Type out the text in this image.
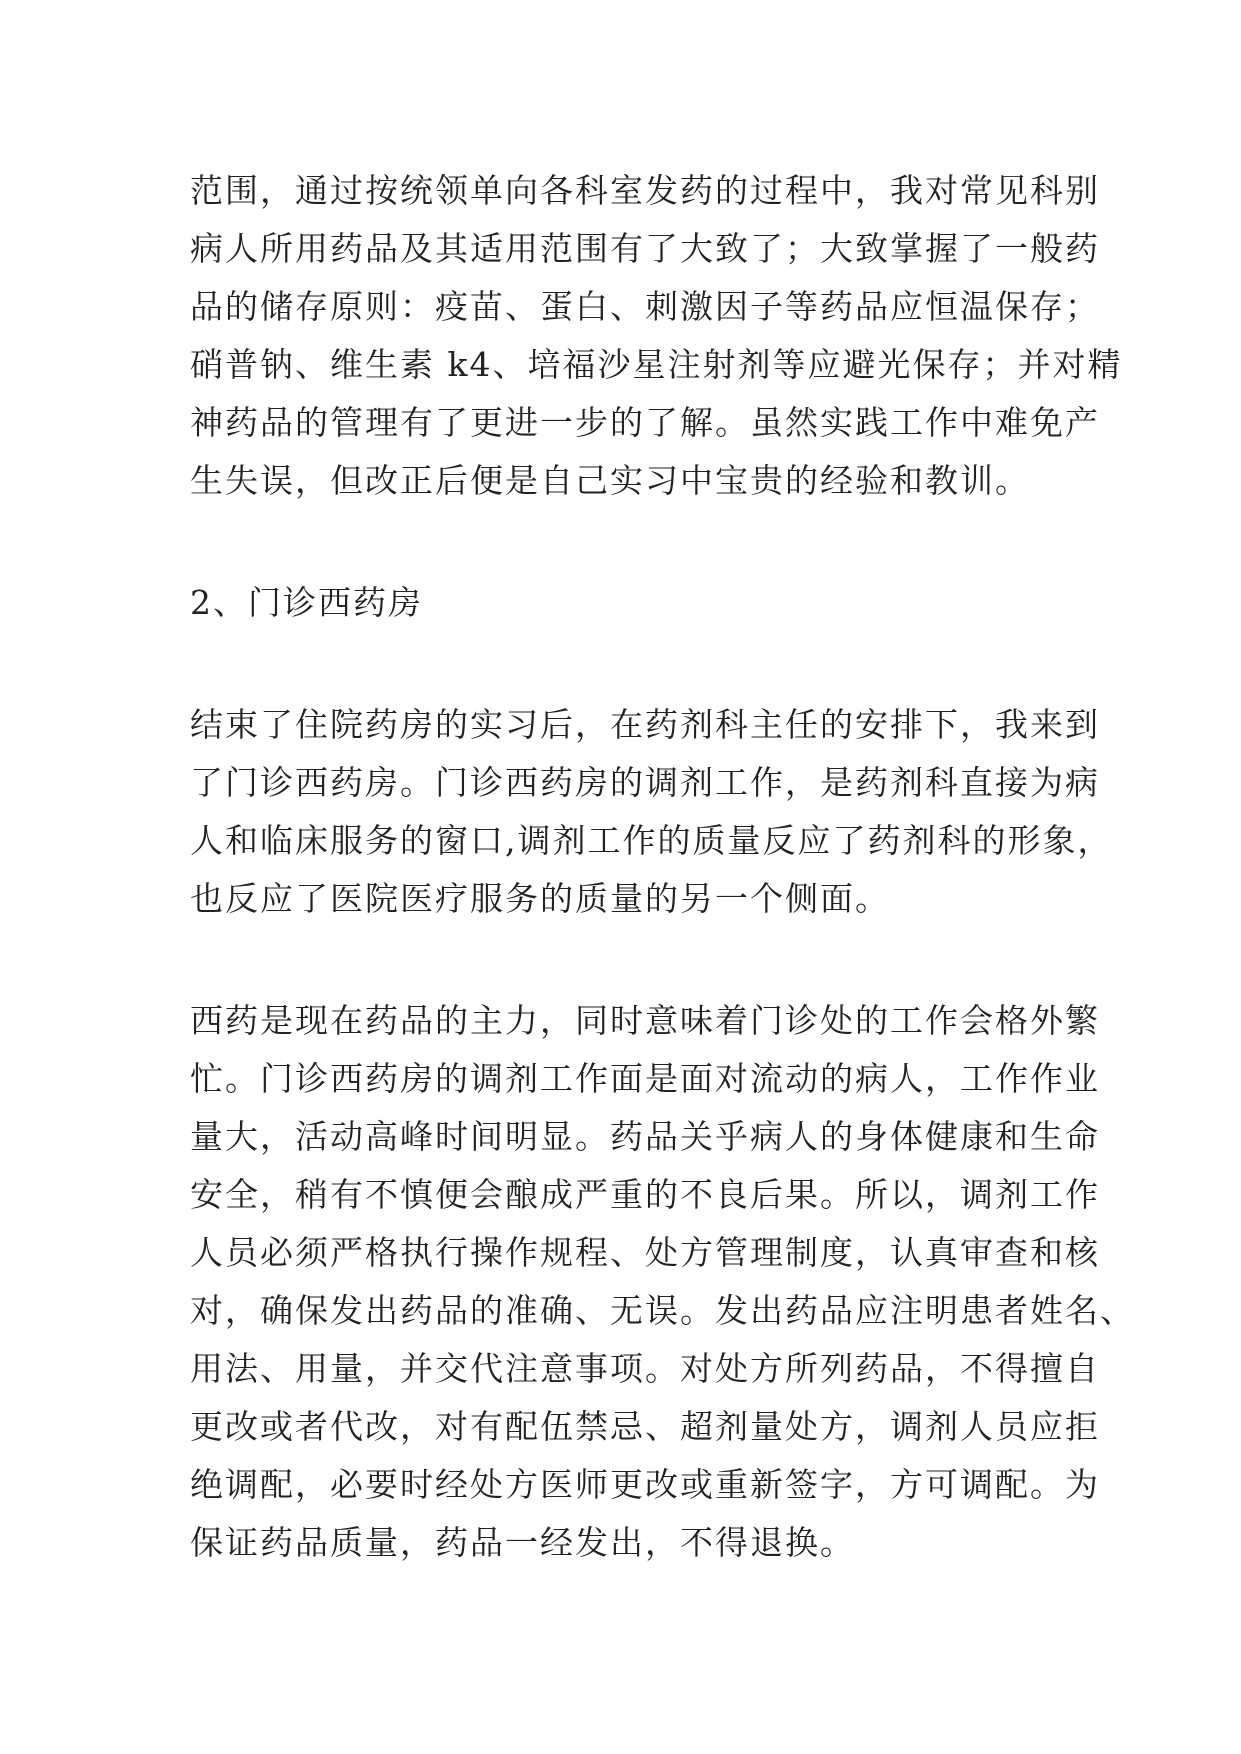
范围，通过按统领单向各科室发药的过程中，我对常见科别
病人所用药品及其适用范围有了大致了；大致掌握了一般药
品的储存原则：疫苗、蛋白、刺激因子等药品应恒温保存；
硝普钠、维生素 k4、培福沙星注射剂等应避光保存；并对精
神药品的管理有了更进一步的了解。虽然实践工作中难免产
生失误，但改正后便是自己实习中宝贵的经验和教训。
2、门诊西药房
结束了住院药房的实习后，在药剂科主任的安排下，我来到
了门诊西药房。门诊西药房的调剂工作，是药剂科直接为病
人和临床服务的窗口,调剂工作的质量反应了药剂科的形象，
也反应了医院医疗服务的质量的另一个侧面。
西药是现在药品的主力，同时意味着门诊处的工作会格外繁
忙。门诊西药房的调剂工作面是面对流动的病人，工作作业
量大，活动高峰时间明显。药品关乎病人的身体健康和生命
安全，稍有不慎便会酿成严重的不良后果。所以，调剂工作
人员必须严格执行操作规程、处方管理制度，认真审查和核
对，确保发出药品的准确、无误。发出药品应注明患者姓名、
用法、用量，并交代注意事项。对处方所列药品，不得擅自
更改或者代改，对有配伍禁忌、超剂量处方，调剂人员应拒
绝调配，必要时经处方医师更改或重新签字，方可调配。为
保证药品质量，药品一经发出，不得退换。
